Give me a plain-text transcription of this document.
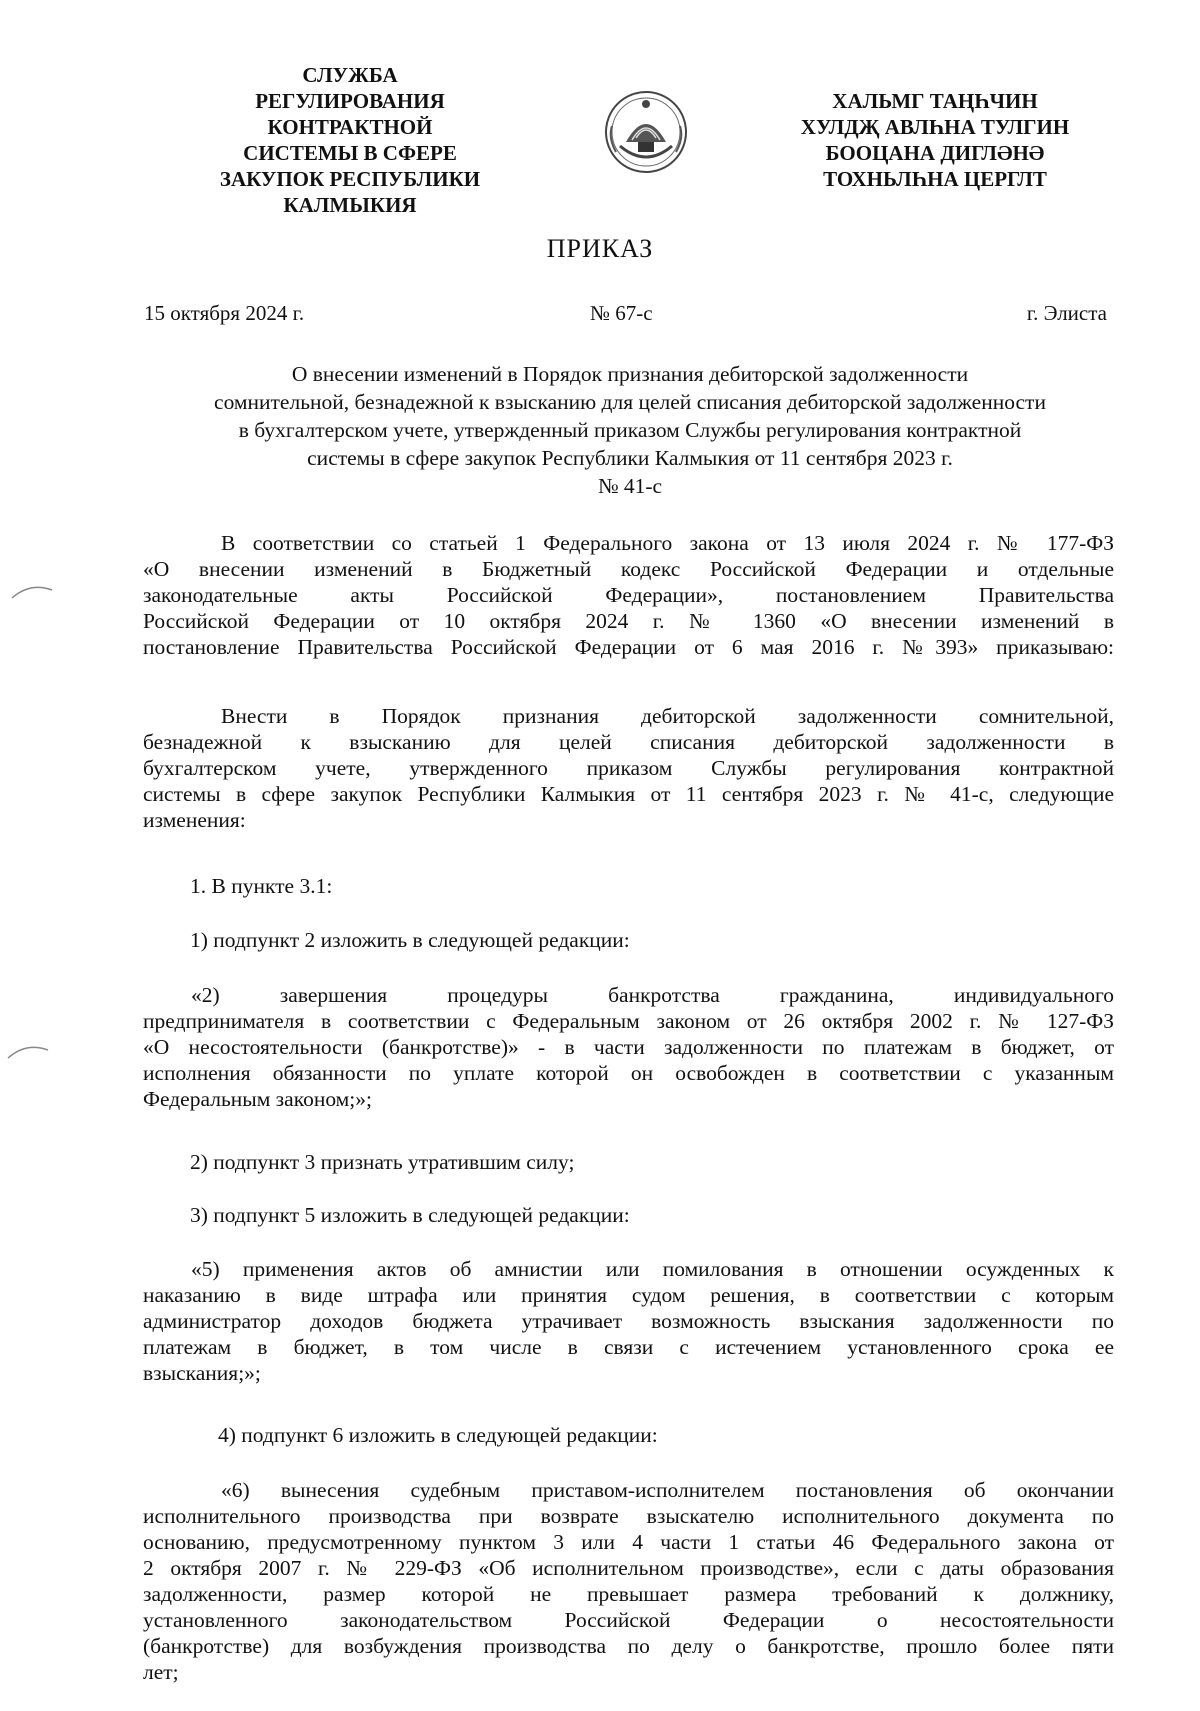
СЛУЖБА
РЕГУЛИРОВАНИЯ
КОНТРАКТНОЙ
СИСТЕМЫ В СФЕРЕ
ЗАКУПОК РЕСПУБЛИКИ
КАЛМЫКИЯ
ХАЛЬМГ ТАҢҺЧИН
ХУЛДҖ АВЛҺНА ТУЛГИН
БООЦАНА ДИГЛӘНӘ
ТОХНЬЛҺНА ЦЕРГЛТ
ПРИКАЗ
15 октября 2024 г.	№ 67-с	г. Элиста
О внесении изменений в Порядок признания дебиторской задолженности
сомнительной, безнадежной к взысканию для целей списания дебиторской задолженности
в бухгалтерском учете, утвержденный приказом Службы регулирования контрактной
системы в сфере закупок Республики Калмыкия от 11 сентября 2023 г.
№ 41-с
В соответствии со статьей 1 Федерального закона от 13 июля 2024 г. № 177-ФЗ
«О внесении изменений в Бюджетный кодекс Российской Федерации и отдельные
законодательные акты Российской Федерации», постановлением Правительства
Российской Федерации от 10 октября 2024 г. № 1360 «О внесении изменений в
постановление Правительства Российской Федерации от 6 мая 2016 г. №393» приказываю:
Внести в Порядок признания дебиторской задолженности сомнительной,
безнадежной к взысканию для целей списания дебиторской задолженности в
бухгалтерском учете, утвержденного приказом Службы регулирования контрактной
системы в сфере закупок Республики Калмыкия от 11 сентября 2023 г. № 41-с, следующие
изменения:
1. В пункте 3.1:
1) подпункт 2 изложить в следующей редакции:
«2) завершения процедуры банкротства гражданина, индивидуального
предпринимателя в соответствии с Федеральным законом от 26 октября 2002 г. № 127-ФЗ
«О несостоятельности (банкротстве)» - в части задолженности по платежам в бюджет, от
исполнения обязанности по уплате которой он освобожден в соответствии с указанным
Федеральным законом;»;
2) подпункт 3 признать утратившим силу;
3) подпункт 5 изложить в следующей редакции:
«5) применения актов об амнистии или помилования в отношении осужденных к
наказанию в виде штрафа или принятия судом решения, в соответствии с которым
администратор доходов бюджета утрачивает возможность взыскания задолженности по
платежам в бюджет, в том числе в связи с истечением установленного срока ее
взыскания;»;
4) подпункт 6 изложить в следующей редакции:
«6) вынесения судебным приставом-исполнителем постановления об окончании
исполнительного производства при возврате взыскателю исполнительного документа по
основанию, предусмотренному пунктом 3 или 4 части 1 статьи 46 Федерального закона от
2 октября 2007 г. № 229-ФЗ «Об исполнительном производстве», если с даты образования
задолженности, размер которой не превышает размера требований к должнику,
установленного законодательством Российской Федерации о несостоятельности
(банкротстве) для возбуждения производства по делу о банкротстве, прошло более пяти
лет;
